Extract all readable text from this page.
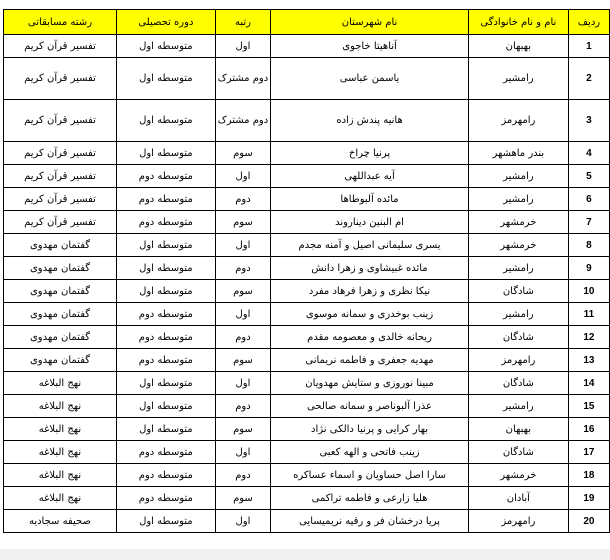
ردیف	نام و نام خانوادگی	نام شهرستان	رتبه	دوره تحصیلی	رشته مسابقاتی
1	بهبهان	آناهیتا خاجوی	اول	متوسطه اول	تفسیر قرآن کریم
2	رامشیر	یاسمن عباسی	دوم مشترک	متوسطه اول	تفسیر قرآن کریم
3	رامهرمز	هانیه پندش زاده	دوم مشترک	متوسطه اول	تفسیر قرآن کریم
4	بندر ماهشهر	پرنیا چراخ	سوم	متوسطه اول	تفسیر قرآن کریم
5	رامشیر	آیه عبداللهی	اول	متوسطه دوم	تفسیر قرآن کریم
6	رامشیر	مائده آلبوطاها	دوم	متوسطه دوم	تفسیر قرآن کریم
7	خرمشهر	ام البنین دیناروند	سوم	متوسطه دوم	تفسیر قرآن کریم
8	خرمشهر	یسری سلیمانی اصیل و آمنه مجدم	اول	متوسطه اول	گفتمان مهدوی
9	رامشیر	مائده غبیشاوی و زهرا دانش	دوم	متوسطه اول	گفتمان مهدوی
10	شادگان	نیکا نظری و زهرا فرهاد مفرد	سوم	متوسطه اول	گفتمان مهدوی
11	رامشیر	زینب بوخدری و سمانه موسوی	اول	متوسطه دوم	گفتمان مهدوی
12	شادگان	ریحانه خالدی و معصومه مقدم	دوم	متوسطه دوم	گفتمان مهدوی
13	رامهرمز	مهدیه جعفری و فاطمه نریمانی	سوم	متوسطه دوم	گفتمان مهدوی
14	شادگان	مبینا نوروزی و ستایش مهدویان	اول	متوسطه اول	نهج البلاغه
15	رامشیر	عذرا آلبوناصر و سمانه صالحی	دوم	متوسطه اول	نهج البلاغه
16	بهبهان	بهار کرایی و پرنیا دالکی نژاد	سوم	متوسطه اول	نهج البلاغه
17	شادگان	زینب فاتحی و الهه کعبی	اول	متوسطه دوم	نهج البلاغه
18	خرمشهر	سارا اصل حساویان و اسماء عساکره	دوم	متوسطه دوم	نهج البلاغه
19	آبادان	هلیا زارعی و فاطمه تراکمی	سوم	متوسطه دوم	نهج البلاغه
20	رامهرمز	پریا درخشان فر و رقیه نریمیسایی	اول	متوسطه اول	صحیفه سجادیه
